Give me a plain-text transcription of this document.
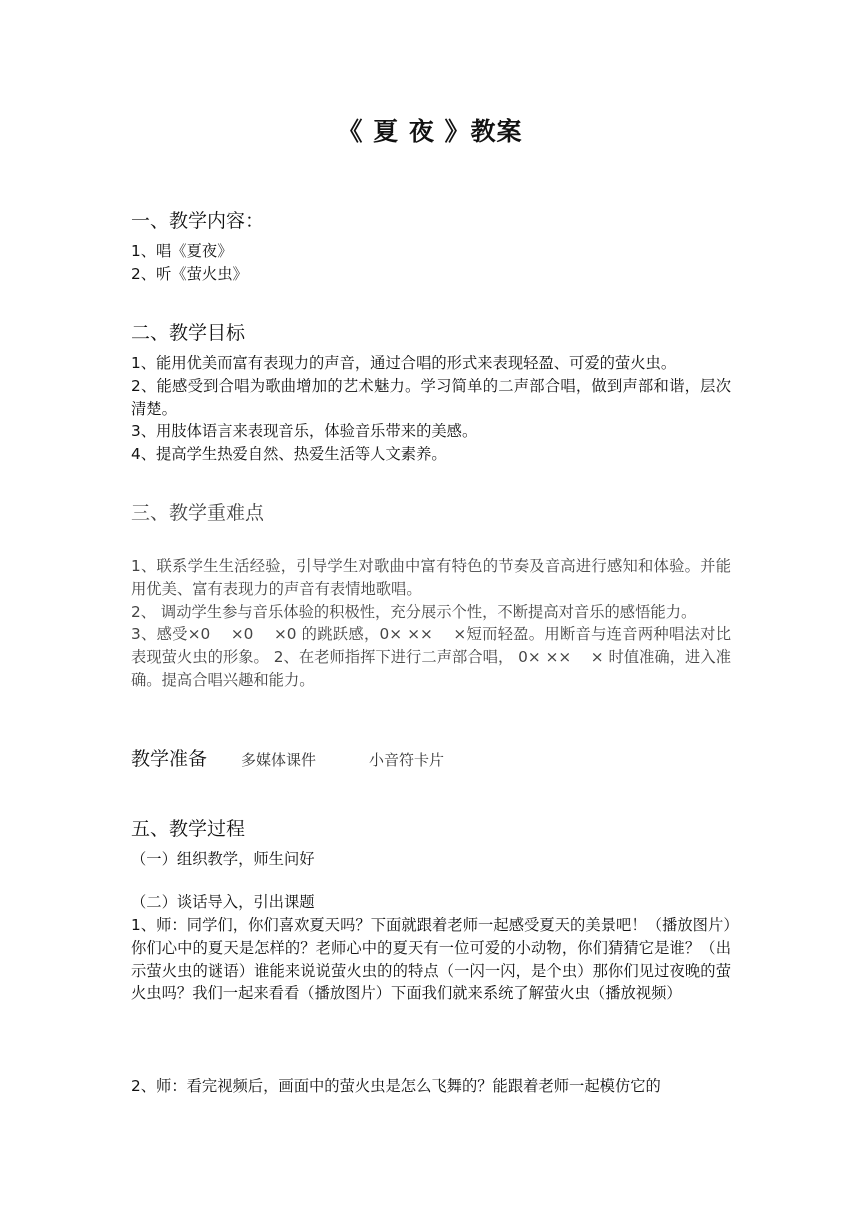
《 夏 夜 》教案
一、教学内容：

1、唱《夏夜》

2、听《萤火虫》

二、教学目标

1、能用优美而富有表现力的声音，通过合唱的形式来表现轻盈、可爱的萤火虫。

2、能感受到合唱为歌曲增加的艺术魅力。学习简单的二声部合唱，做到声部和谐，层次清楚。

3、用肢体语言来表现音乐，体验音乐带来的美感。

4、提高学生热爱自然、热爱生活等人文素养。

三、教学重难点

1、联系学生生活经验，引导学生对歌曲中富有特色的节奏及音高进行感知和体验。并能用优美、富有表现力的声音有表情地歌唱。

2、 调动学生参与音乐体验的积极性，充分展示个性，不断提高对音乐的感悟能力。

3、感受×0    ×0    ×0 的跳跃感，0× ××    ×短而轻盈。用断音与连音两种唱法对比表现萤火虫的形象。 2、在老师指挥下进行二声部合唱， 0× ××    × 时值准确，进入准确。提高合唱兴趣和能力。

教学准备 多媒体课件	小音符卡片
五、教学过程
（一）组织教学，师生问好
（二）谈话导入，引出课题
1、师：同学们，你们喜欢夏天吗？下面就跟着老师一起感受夏天的美景吧！（播放图片）你们心中的夏天是怎样的？老师心中的夏天有一位可爱的小动物，你们猜猜它是谁？（出示萤火虫的谜语）谁能来说说萤火虫的的特点（一闪一闪，是个虫）那你们见过夜晚的萤火虫吗？我们一起来看看（播放图片）下面我们就来系统了解萤火虫（播放视频）
2、师：看完视频后，画面中的萤火虫是怎么飞舞的？能跟着老师一起模仿它的
